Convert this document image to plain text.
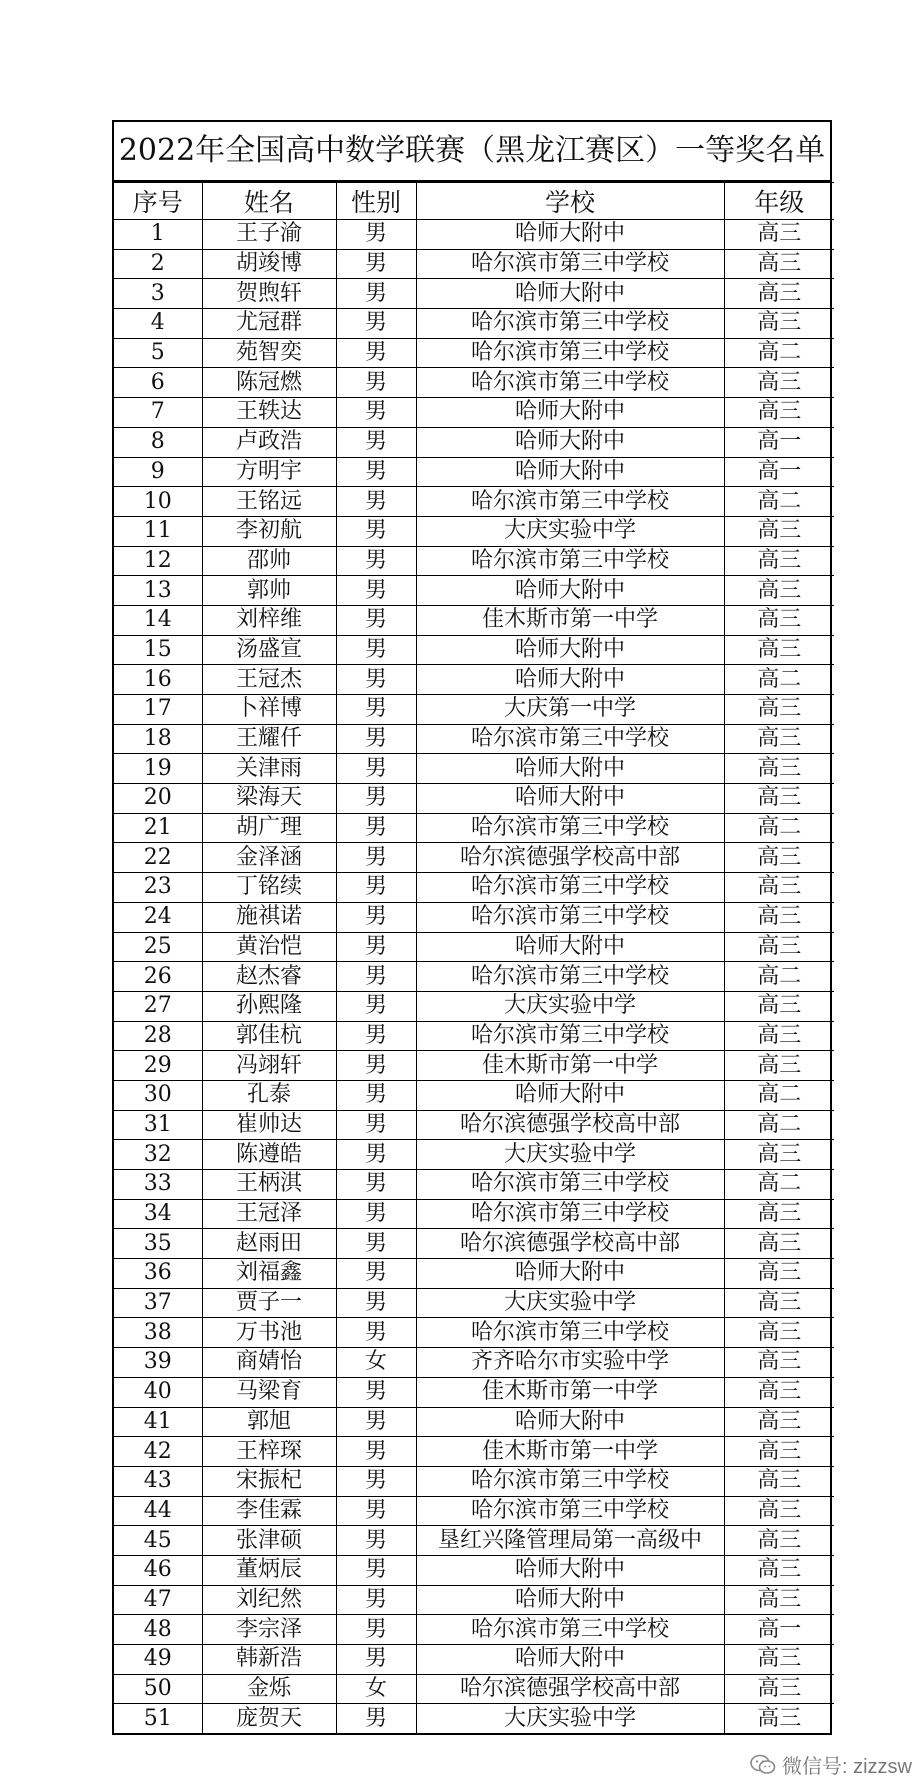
2022年全国高中数学联赛（黑龙江赛区）一等奖名单
序号	姓名	性别	学校	年级
1	王子渝	男	哈师大附中	高三
2	胡竣博	男	哈尔滨市第三中学校	高三
3	贺煦轩	男	哈师大附中	高三
4	尤冠群	男	哈尔滨市第三中学校	高三
5	苑智奕	男	哈尔滨市第三中学校	高二
6	陈冠燃	男	哈尔滨市第三中学校	高三
7	王轶达	男	哈师大附中	高三
8	卢政浩	男	哈师大附中	高一
9	方明宇	男	哈师大附中	高一
10	王铭远	男	哈尔滨市第三中学校	高二
11	李初航	男	大庆实验中学	高三
12	邵帅	男	哈尔滨市第三中学校	高三
13	郭帅	男	哈师大附中	高三
14	刘梓维	男	佳木斯市第一中学	高三
15	汤盛宣	男	哈师大附中	高三
16	王冠杰	男	哈师大附中	高二
17	卜祥博	男	大庆第一中学	高三
18	王耀仟	男	哈尔滨市第三中学校	高三
19	关津雨	男	哈师大附中	高三
20	梁海天	男	哈师大附中	高三
21	胡广理	男	哈尔滨市第三中学校	高二
22	金泽涵	男	哈尔滨德强学校高中部	高三
23	丁铭续	男	哈尔滨市第三中学校	高三
24	施祺诺	男	哈尔滨市第三中学校	高三
25	黄治恺	男	哈师大附中	高三
26	赵杰睿	男	哈尔滨市第三中学校	高二
27	孙熙隆	男	大庆实验中学	高三
28	郭佳杭	男	哈尔滨市第三中学校	高三
29	冯翊轩	男	佳木斯市第一中学	高三
30	孔泰	男	哈师大附中	高二
31	崔帅达	男	哈尔滨德强学校高中部	高二
32	陈遵皓	男	大庆实验中学	高三
33	王柄淇	男	哈尔滨市第三中学校	高二
34	王冠泽	男	哈尔滨市第三中学校	高三
35	赵雨田	男	哈尔滨德强学校高中部	高三
36	刘福鑫	男	哈师大附中	高三
37	贾子一	男	大庆实验中学	高三
38	万书池	男	哈尔滨市第三中学校	高三
39	商婧怡	女	齐齐哈尔市实验中学	高三
40	马梁育	男	佳木斯市第一中学	高三
41	郭旭	男	哈师大附中	高三
42	王梓琛	男	佳木斯市第一中学	高三
43	宋振杞	男	哈尔滨市第三中学校	高三
44	李佳霖	男	哈尔滨市第三中学校	高三
45	张津硕	男	垦红兴隆管理局第一高级中	高三
46	董炳辰	男	哈师大附中	高三
47	刘纪然	男	哈师大附中	高三
48	李宗泽	男	哈尔滨市第三中学校	高一
49	韩新浩	男	哈师大附中	高三
50	金烁	女	哈尔滨德强学校高中部	高三
51	庞贺天	男	大庆实验中学	高三
微信号: zizzsw
